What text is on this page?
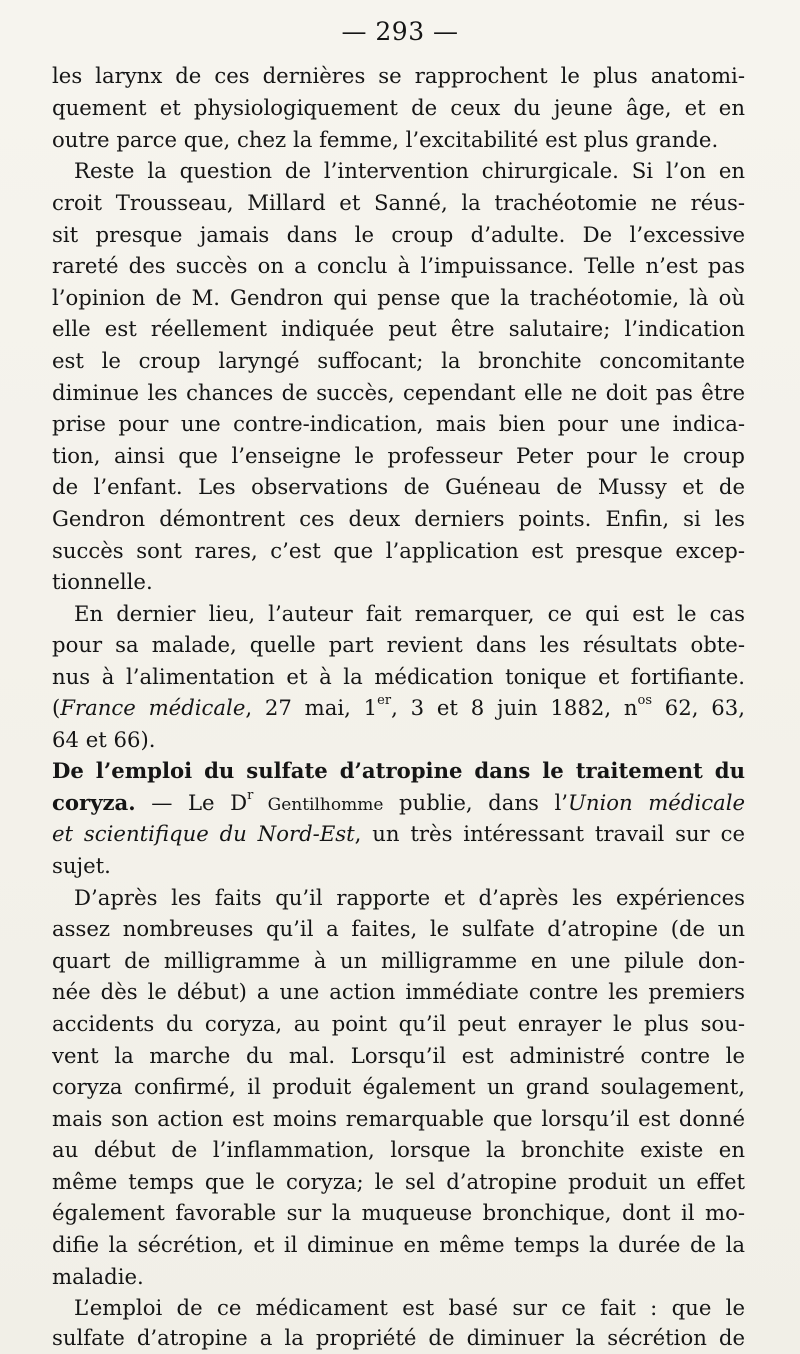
— 293 —
les larynx de ces dernières se rapprochent le plus anatomi-
quement et physiologiquement de ceux du jeune âge, et en
outre parce que, chez la femme, l’excitabilité est plus grande.
Reste la question de l’intervention chirurgicale. Si l’on en
croit Trousseau, Millard et Sanné, la trachéotomie ne réus-
sit presque jamais dans le croup d’adulte. De l’excessive
rareté des succès on a conclu à l’impuissance. Telle n’est pas
l’opinion de M. Gendron qui pense que la trachéotomie, là où
elle est réellement indiquée peut être salutaire; l’indication
est le croup laryngé suffocant; la bronchite concomitante
diminue les chances de succès, cependant elle ne doit pas être
prise pour une contre-indication, mais bien pour une indica-
tion, ainsi que l’enseigne le professeur Peter pour le croup
de l’enfant. Les observations de Guéneau de Mussy et de
Gendron démontrent ces deux derniers points. Enfin, si les
succès sont rares, c’est que l’application est presque excep-
tionnelle.
En dernier lieu, l’auteur fait remarquer, ce qui est le cas
pour sa malade, quelle part revient dans les résultats obte-
nus à l’alimentation et à la médication tonique et fortifiante.
(France médicale, 27 mai, 1er, 3 et 8 juin 1882, $n^{os}$ 62, 63,
64 et 66).
De l’emploi du sulfate d’atropine dans le traitement du
coryza. — Le $D^r$ Gentilhomme publie, dans l’Union médicale
et scientifique du Nord-Est, un très intéressant travail sur ce
sujet.
D’après les faits qu’il rapporte et d’après les expériences
assez nombreuses qu’il a faites, le sulfate d’atropine (de un
quart de milligramme à un milligramme en une pilule don-
née dès le début) a une action immédiate contre les premiers
accidents du coryza, au point qu’il peut enrayer le plus sou-
vent la marche du mal. Lorsqu’il est administré contre le
coryza confirmé, il produit également un grand soulagement,
mais son action est moins remarquable que lorsqu’il est donné
au début de l’inflammation, lorsque la bronchite existe en
même temps que le coryza; le sel d’atropine produit un effet
également favorable sur la muqueuse bronchique, dont il mo-
difie la sécrétion, et il diminue en même temps la durée de la
maladie.
L’emploi de ce médicament est basé sur ce fait : que le
sulfate d’atropine a la propriété de diminuer la sécrétion de
